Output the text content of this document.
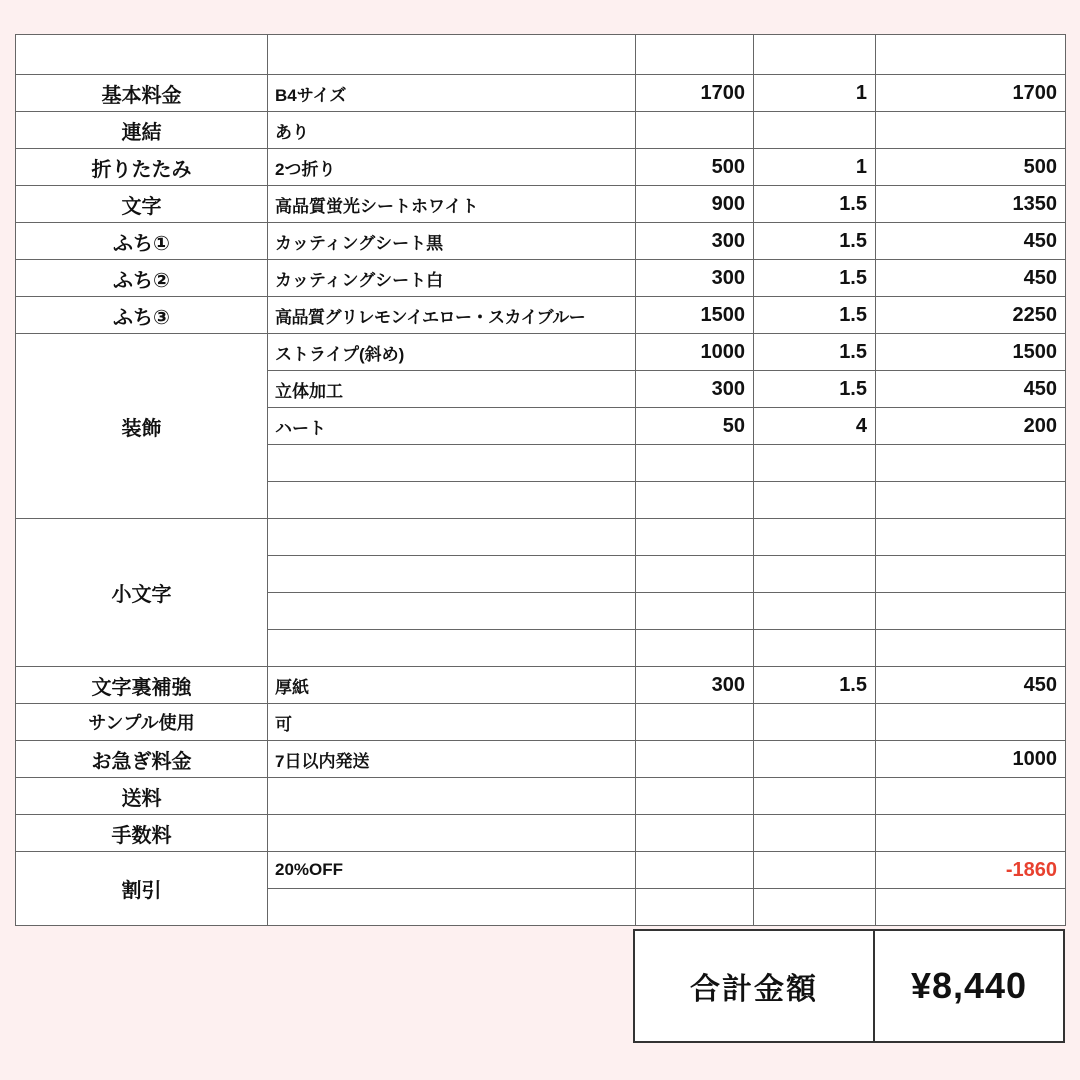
みょん様		単価	数量	合計
基本料金	B4サイズ	1700	1	1700
連結	あり			
折りたたみ	2つ折り	500	1	500
文字	高品質蛍光シートホワイト	900	1.5	1350
ふち①	カッティングシート黒	300	1.5	450
ふち②	カッティングシート白	300	1.5	450
ふち③	高品質グリレモンイエロー・スカイブルー	1500	1.5	2250
装飾	ストライプ(斜め)	1000	1.5	1500
	立体加工	300	1.5	450
	ハート	50	4	200

小文字				

文字裏補強	厚紙	300	1.5	450
サンプル使用	可			
お急ぎ料金	7日以内発送			1000
送料				
手数料				
割引	20%OFF			-1860

合計金額	¥8,440
